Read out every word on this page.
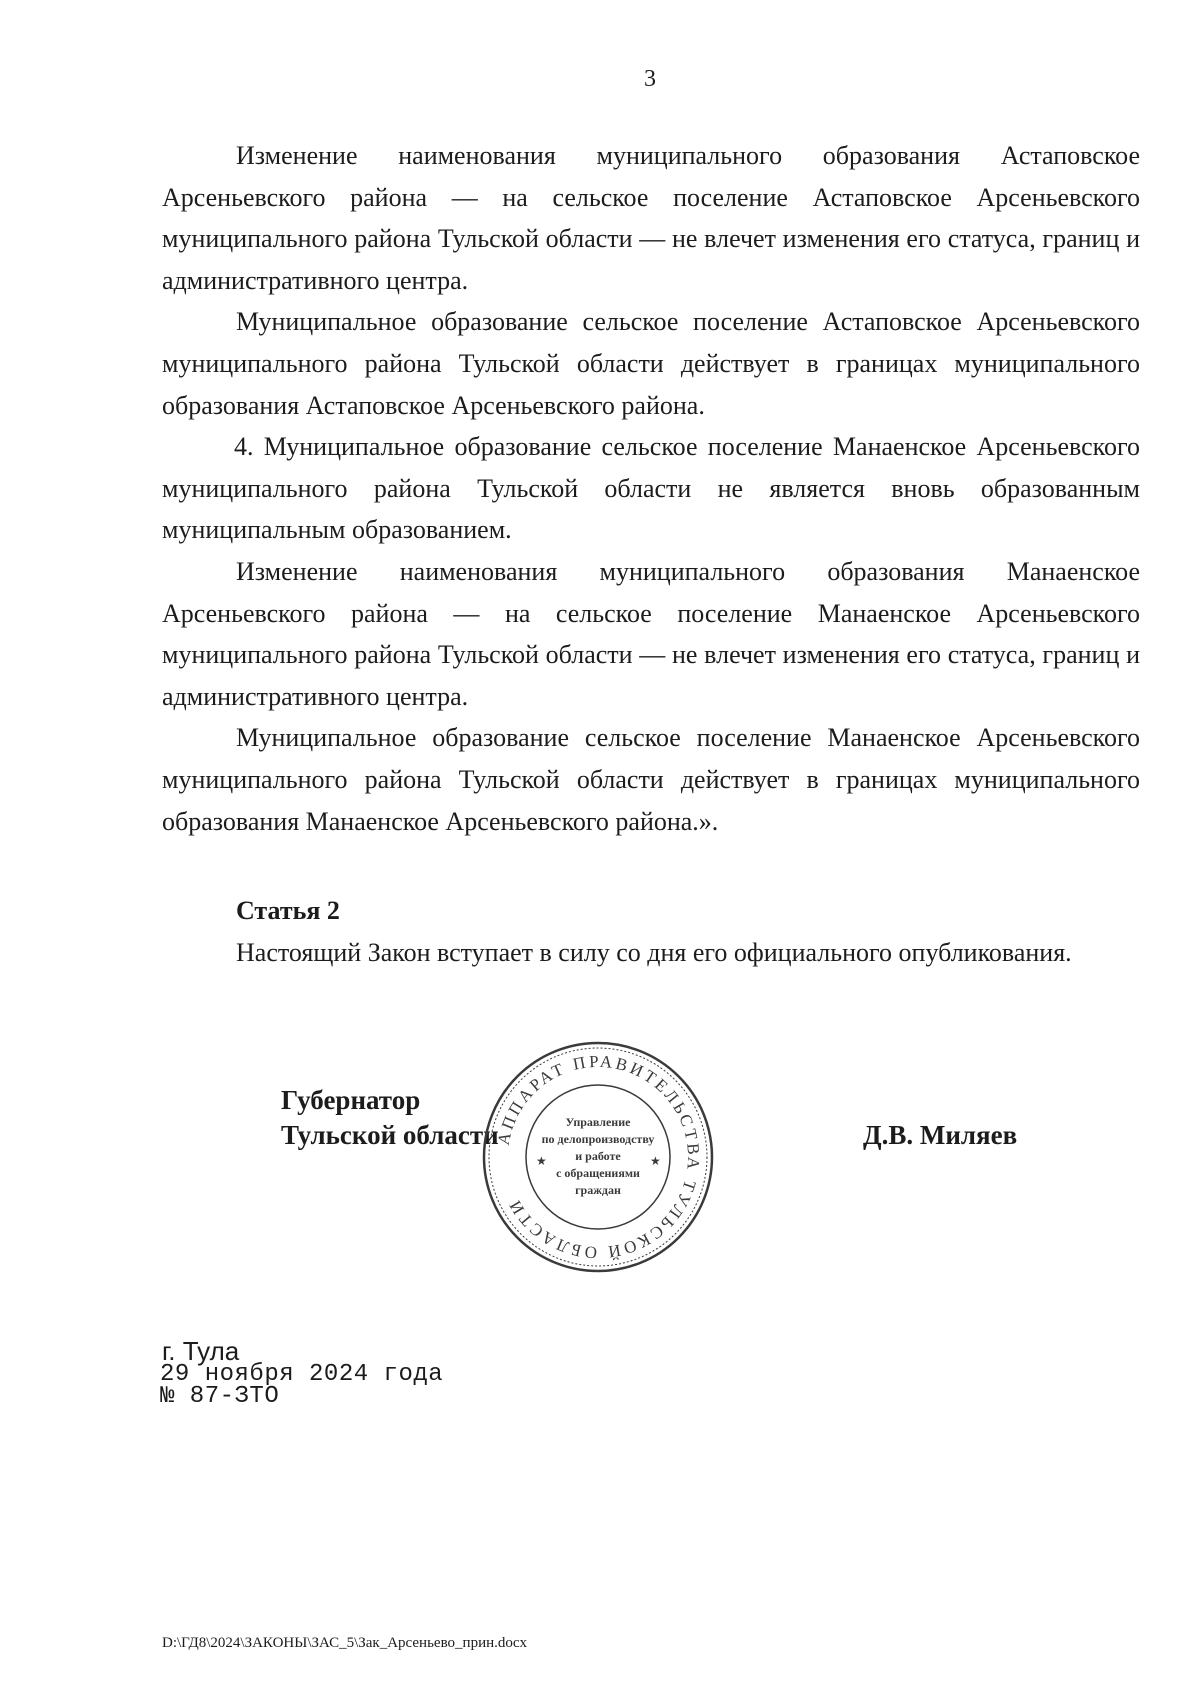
3

Изменение наименования муниципального образования Астаповское Арсеньевского района — на сельское поселение Астаповское Арсеньевского муниципального района Тульской области — не влечет изменения его статуса, границ и административного центра.

Муниципальное образование сельское поселение Астаповское Арсеньевского муниципального района Тульской области действует в границах муниципального образования Астаповское Арсеньевского района.

4. Муниципальное образование сельское поселение Манаенское Арсеньевского муниципального района Тульской области не является вновь образованным муниципальным образованием.

Изменение наименования муниципального образования Манаенское Арсеньевского района — на сельское поселение Манаенское Арсеньевского муниципального района Тульской области — не влечет изменения его статуса, границ и административного центра.

Муниципальное образование сельское поселение Манаенское Арсеньевского муниципального района Тульской области действует в границах муниципального образования Манаенское Арсеньевского района.».

Статья 2

Настоящий Закон вступает в силу со дня его официального опубликования.

Губернатор
Тульской области	Д.В. Миляев
АППАРАТ ПРАВИТЕЛЬСТВА ТУЛЬСКОЙ ОБЛАСТИ
★	★
Управление
по делопроизводству
и работе
с обращениями
граждан
г. Тула
29 ноября 2024 года
№ 87-ЗТО
D:\ГД8\2024\ЗАКОНЫ\ЗАС_5\Зак_Арсеньево_прин.docx
